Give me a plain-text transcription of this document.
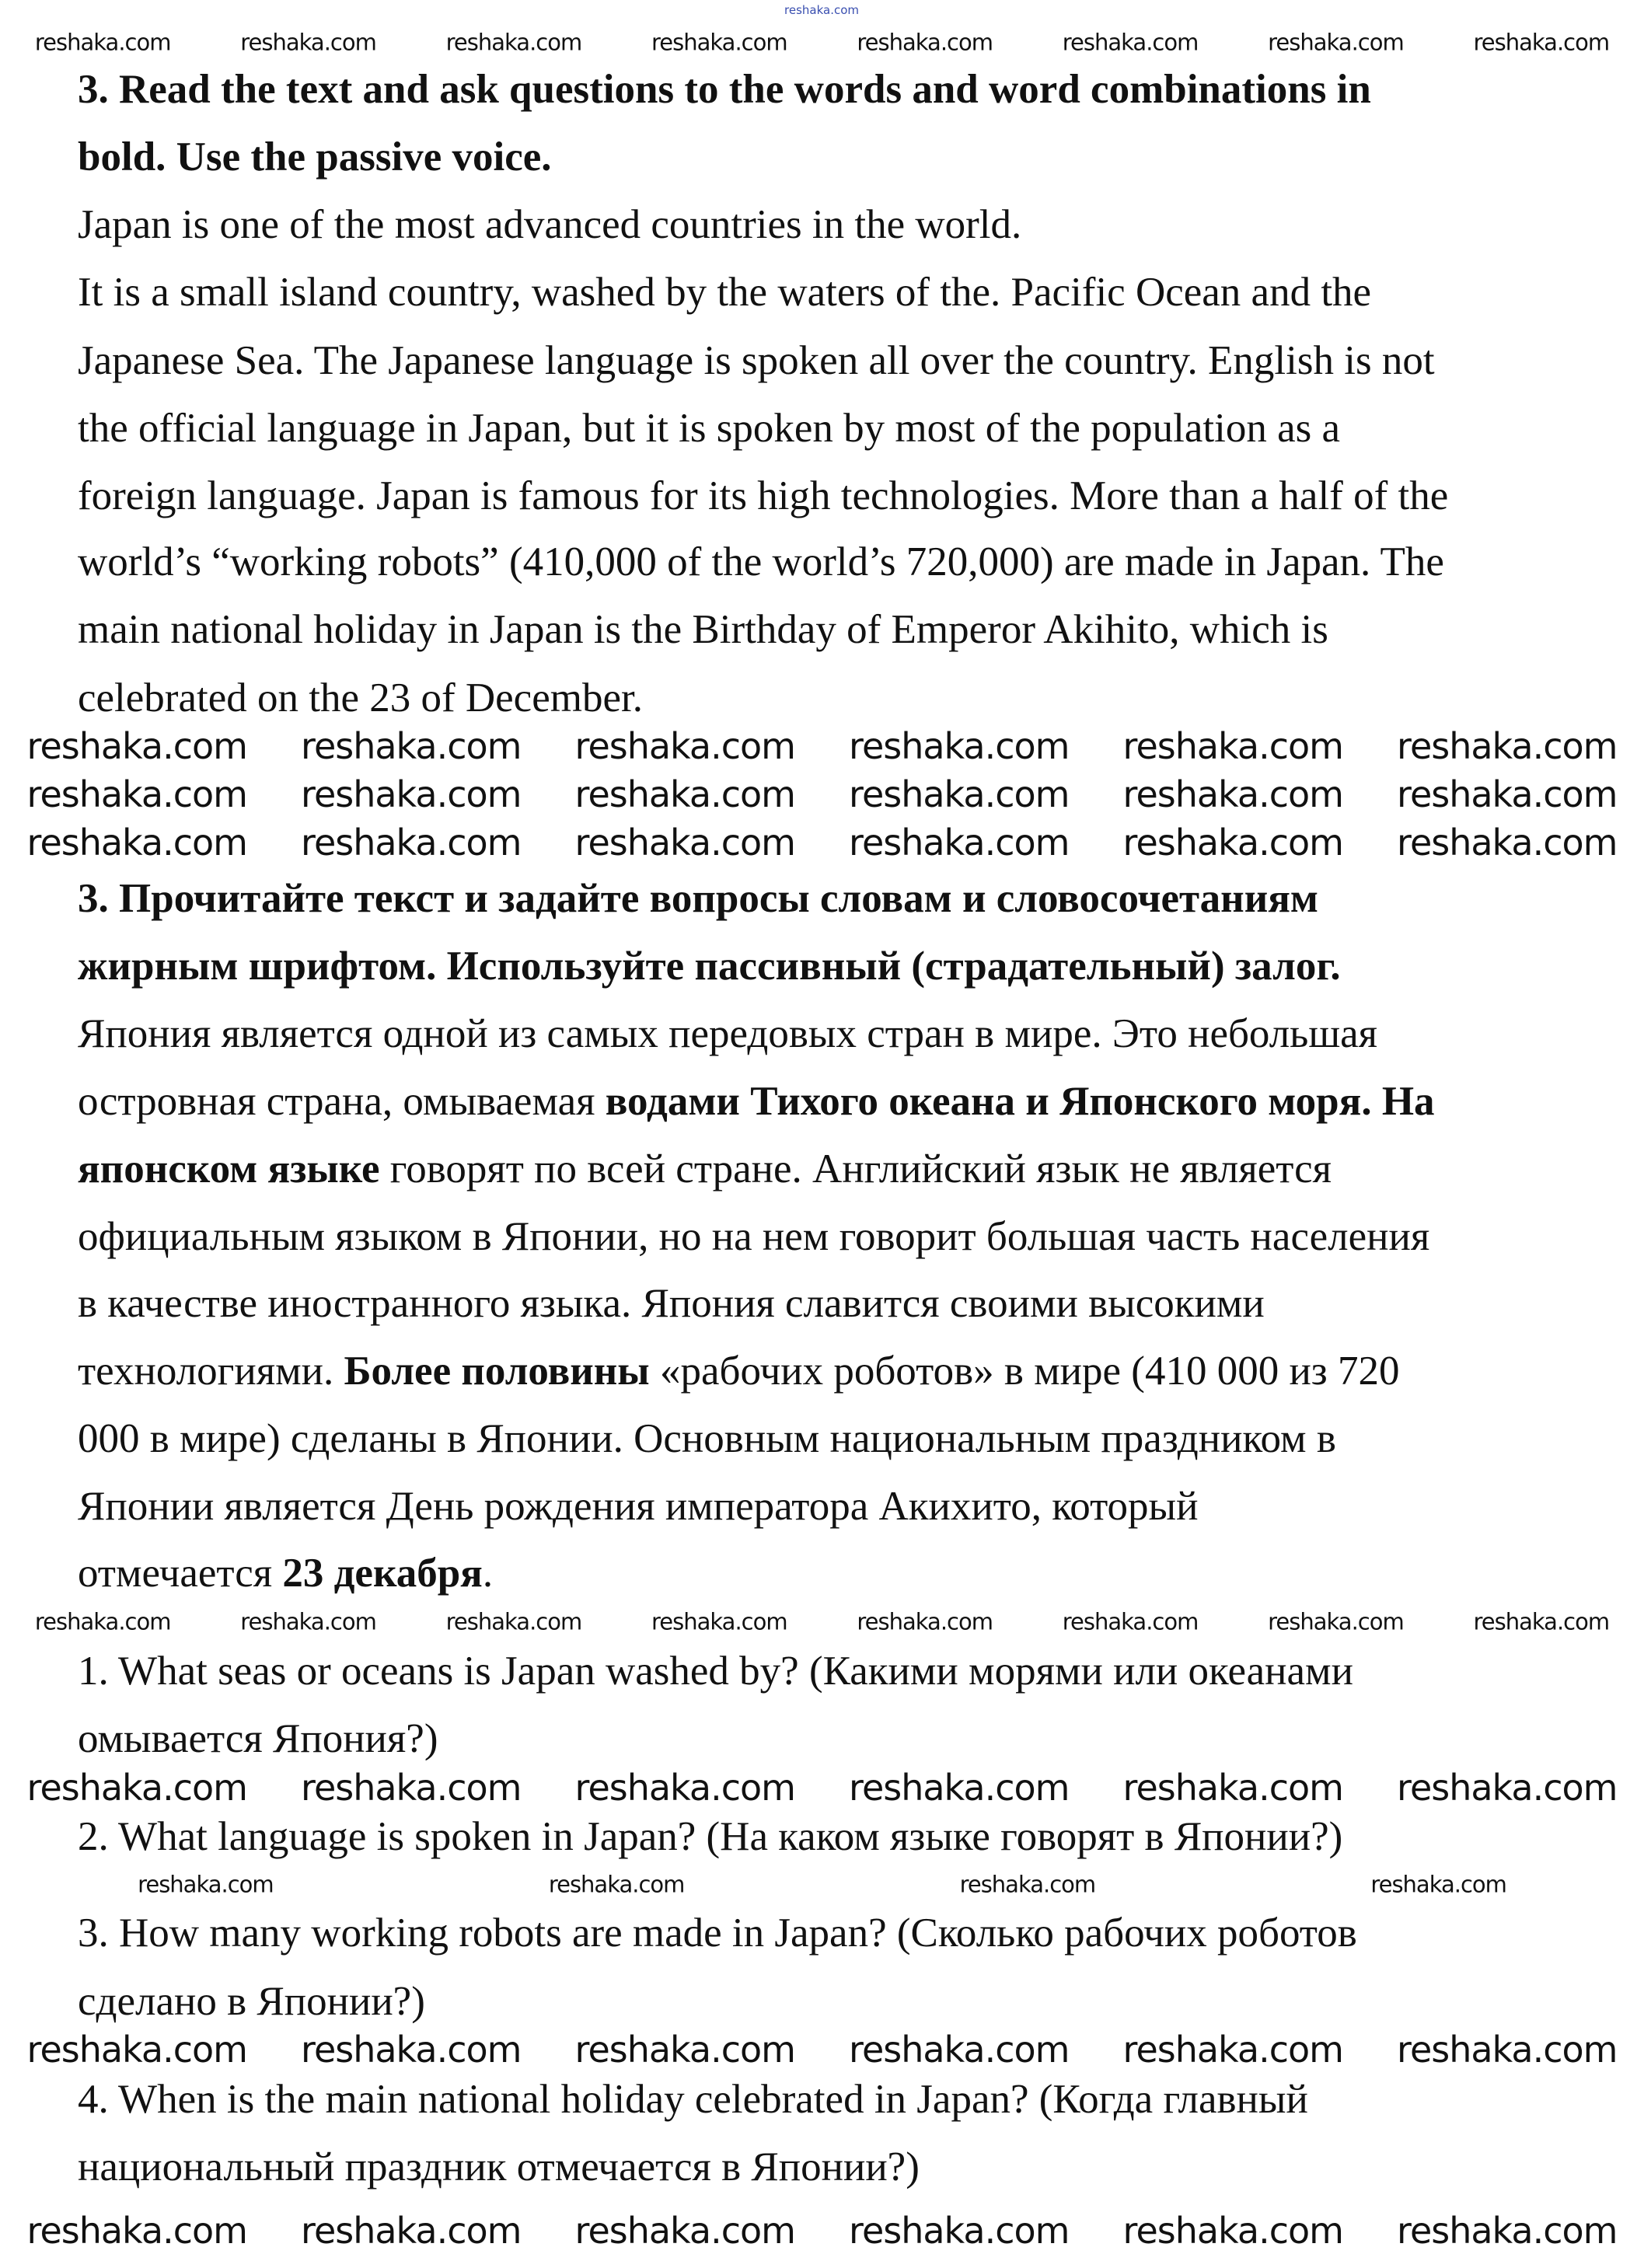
reshaka.com
3. Read the text and ask questions to the words and word combinations in
bold. Use the passive voice.
Japan is one of the most advanced countries in the world.
It is a small island country, washed by the waters of the. Pacific Ocean and the
Japanese Sea. The Japanese language is spoken all over the country. English is not
the official language in Japan, but it is spoken by most of the population as a
foreign language. Japan is famous for its high technologies. More than a half of the
world’s “working robots” (410,000 of the world’s 720,000) are made in Japan. The
main national holiday in Japan is the Birthday of Emperor Akihito, which is
celebrated on the 23 of December.
3. Прочитайте текст и задайте вопросы словам и словосочетаниям
жирным шрифтом. Используйте пассивный (страдательный) залог.
Япония является одной из самых передовых стран в мире. Это небольшая
островная страна, омываемая водами Тихого океана и Японского моря. На
японском языке говорят по всей стране. Английский язык не является
официальным языком в Японии, но на нем говорит большая часть населения
в качестве иностранного языка. Япония славится своими высокими
технологиями. Более половины «рабочих роботов» в мире (410 000 из 720
000 в мире) сделаны в Японии. Основным национальным праздником в
Японии является День рождения императора Акихито, который
отмечается 23 декабря.
1. What seas or oceans is Japan washed by? (Какими морями или океанами
омывается Япония?)
2. What language is spoken in Japan? (На каком языке говорят в Японии?)
3. How many working robots are made in Japan? (Сколько рабочих роботов
сделано в Японии?)
4. When is the main national holiday celebrated in Japan? (Когда главный
национальный праздник отмечается в Японии?)
reshaka.com	reshaka.com	reshaka.com	reshaka.com	reshaka.com	reshaka.com	reshaka.com	reshaka.com
reshaka.com reshaka.com reshaka.com reshaka.com reshaka.com reshaka.com
reshaka.com reshaka.com reshaka.com reshaka.com reshaka.com reshaka.com
reshaka.com reshaka.com reshaka.com reshaka.com reshaka.com reshaka.com
reshaka.com	reshaka.com	reshaka.com	reshaka.com	reshaka.com	reshaka.com	reshaka.com	reshaka.com
reshaka.com reshaka.com reshaka.com reshaka.com reshaka.com reshaka.com
reshaka.com	reshaka.com	reshaka.com	reshaka.com
reshaka.com reshaka.com reshaka.com reshaka.com reshaka.com reshaka.com
reshaka.com reshaka.com reshaka.com reshaka.com reshaka.com reshaka.com
